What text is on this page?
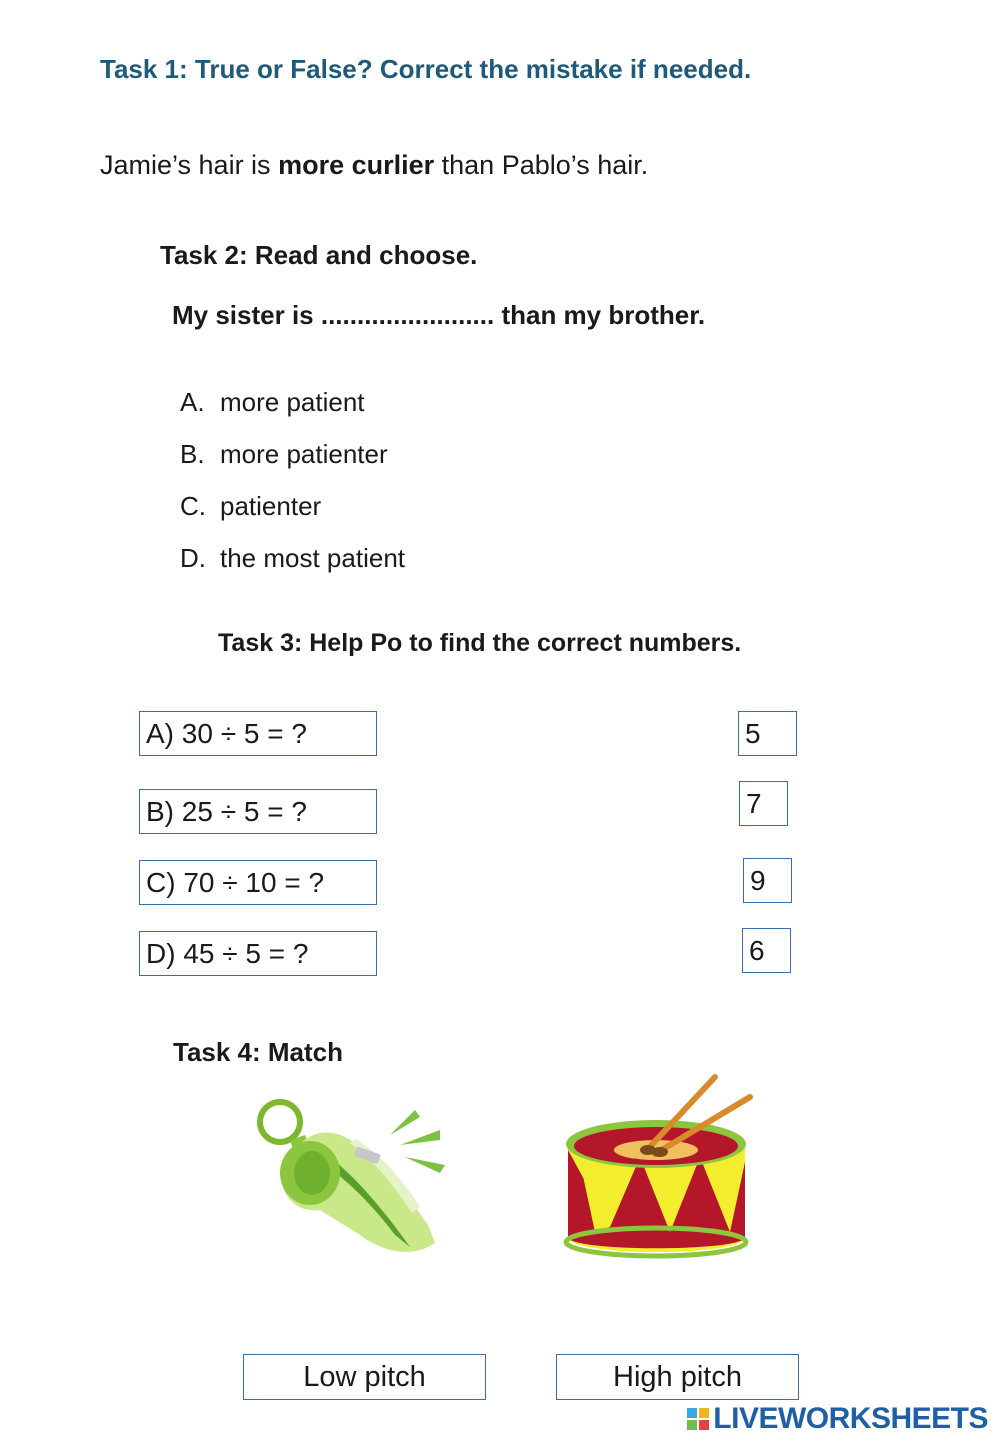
Task 1: True or False? Correct the mistake if needed.
Jamie’s hair is more curlier than Pablo’s hair.
Task 2: Read and choose.
My sister is ........................ than my brother.
A. more patient
B. more patienter
C. patienter
D. the most patient
Task 3: Help Po to find the correct numbers.
A) 30 ÷ 5 = ?
B) 25 ÷ 5 = ?
C) 70 ÷ 10 = ?
D) 45 ÷ 5 = ?
5
7
9
6
Task 4: Match
Low pitch	High pitch
LIVEWORKSHEETS
